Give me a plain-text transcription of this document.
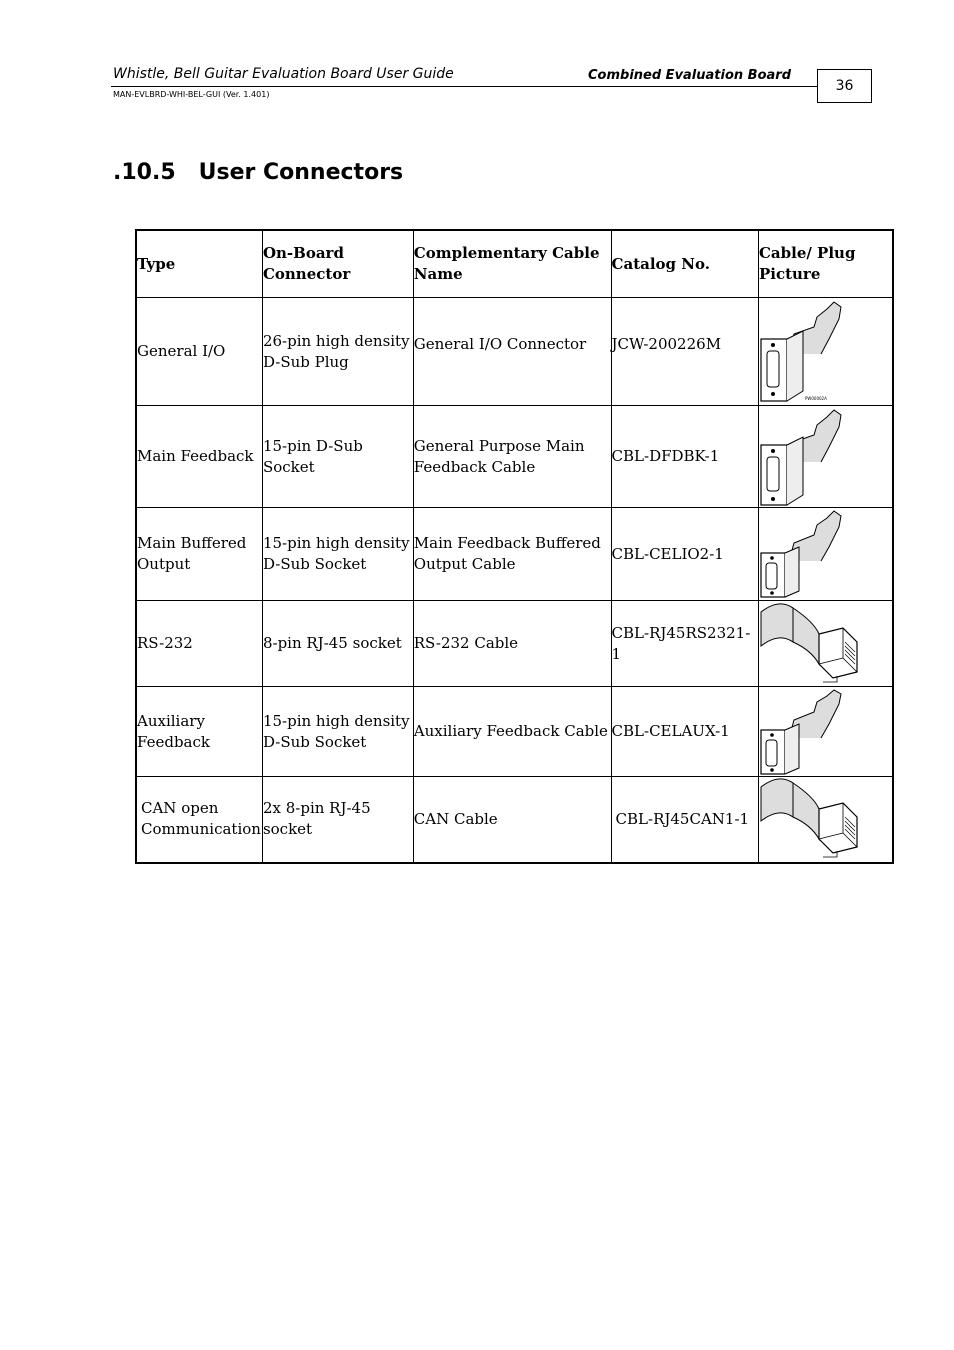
Whistle, Bell Guitar Evaluation Board User Guide	Combined Evaluation Board
MAN-EVLBRD-WHI-BEL-GUI (Ver. 1.401)
36
.10.5 User Connectors
Type	On-Board Connector	Complementary Cable Name	Catalog No.	Cable/ Plug Picture
General I/O	26-pin high density D-Sub Plug	General I/O Connector	JCW-200226M	PW00002A

Main Feedback	15-pin D-Sub Socket	General Purpose Main Feedback Cable	CBL-DFDBK-1	

Main Buffered Output	15-pin high density D-Sub Socket	Main Feedback Buffered Output Cable	CBL-CELIO2-1	

RS-232	8-pin RJ-45 socket	RS-232 Cable	CBL-RJ45RS2321-1	

Auxiliary Feedback	15-pin high density D-Sub Socket	Auxiliary Feedback Cable	CBL-CELAUX-1	

CAN open Communication	2x 8-pin RJ-45 socket	CAN Cable	CBL-RJ45CAN1-1	
